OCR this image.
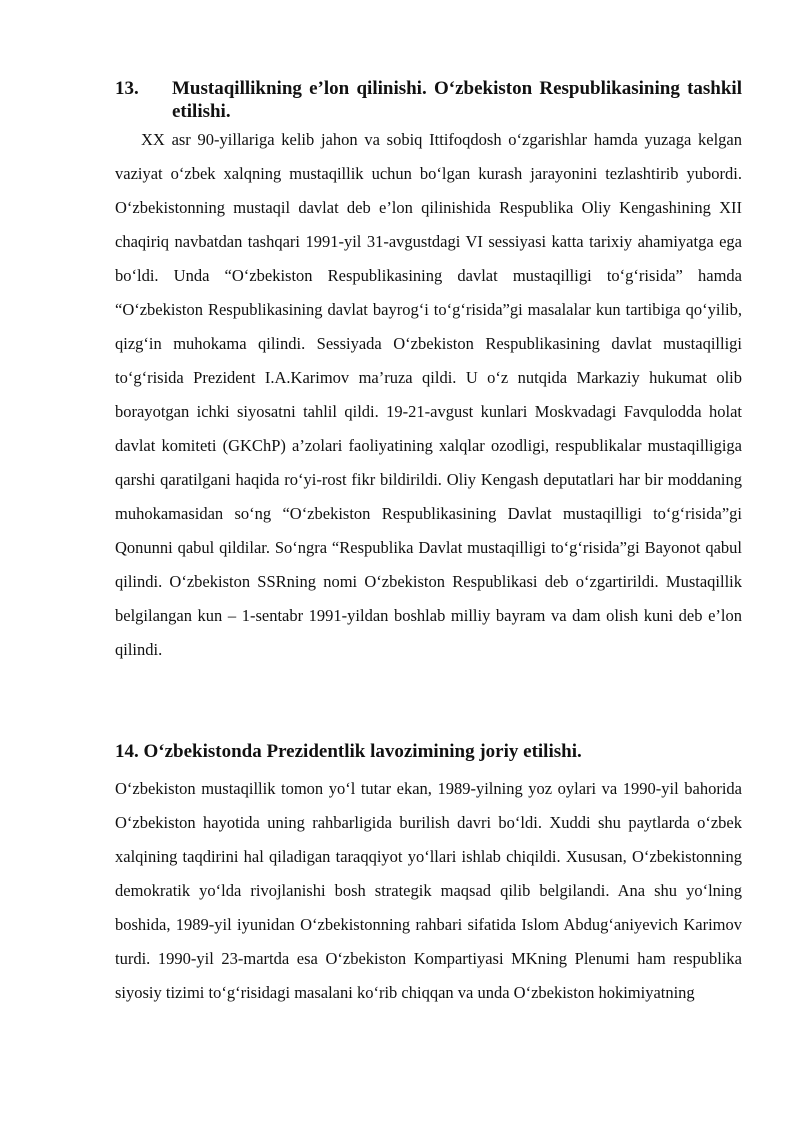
13. Mustaqillikning e’lon qilinishi. O‘zbekiston Respublikasining tashkil etilishi.
XX asr 90-yillariga kelib jahon va sobiq Ittifoqdosh o‘zgarishlar hamda yuzaga kelgan vaziyat o‘zbek xalqning mustaqillik uchun bo‘lgan kurash jarayonini tezlashtirib yubordi. O‘zbekistonning mustaqil davlat deb e’lon qilinishida Respublika Oliy Kengashining XII chaqiriq navbatdan tashqari 1991-yil 31-avgustdagi VI sessiyasi katta tarixiy ahamiyatga ega bo‘ldi. Unda “O‘zbekiston Respublikasining davlat mustaqilligi to‘g‘risida” hamda “O‘zbekiston Respublikasining davlat bayrog‘i to‘g‘risida”gi masalalar kun tartibiga qo‘yilib, qizg‘in muhokama qilindi. Sessiyada O‘zbekiston Respublikasining davlat mustaqilligi to‘g‘risida Prezident I.A.Karimov ma’ruza qildi. U o‘z nutqida Markaziy hukumat olib borayotgan ichki siyosatni tahlil qildi. 19-21-avgust kunlari Moskvadagi Favqulodda holat davlat komiteti (GKChP) a’zolari faoliyatining xalqlar ozodligi, respublikalar mustaqilligiga qarshi qaratilgani haqida ro‘yi-rost fikr bildirildi. Oliy Kengash deputatlari har bir moddaning muhokamasidan so‘ng “O‘zbekiston Respublikasining Davlat mustaqilligi to‘g‘risida”gi Qonunni qabul qildilar. So‘ngra “Respublika Davlat mustaqilligi to‘g‘risida”gi Bayonot qabul qilindi. O‘zbekiston SSRning nomi O‘zbekiston Respublikasi deb o‘zgartirildi. Mustaqillik belgilangan kun – 1-sentabr 1991-yildan boshlab milliy bayram va dam olish kuni deb e’lon qilindi.
14. O‘zbekistonda Prezidentlik lavozimining joriy etilishi.
O‘zbekiston mustaqillik tomon yo‘l tutar ekan, 1989-yilning yoz oylari va 1990-yil bahorida O‘zbekiston hayotida uning rahbarligida burilish davri bo‘ldi. Xuddi shu paytlarda o‘zbek xalqining taqdirini hal qiladigan taraqqiyot yo‘llari ishlab chiqildi. Xususan, O‘zbekistonning demokratik yo‘lda rivojlanishi bosh strategik maqsad qilib belgilandi. Ana shu yo‘lning boshida, 1989-yil iyunidan O‘zbekistonning rahbari sifatida Islom Abdug‘aniyevich Karimov turdi. 1990-yil 23-martda esa O‘zbekiston Kompartiyasi MKning Plenumi ham respublika siyosiy tizimi to‘g‘risidagi masalani ko‘rib chiqqan va unda O‘zbekiston hokimiyatning
